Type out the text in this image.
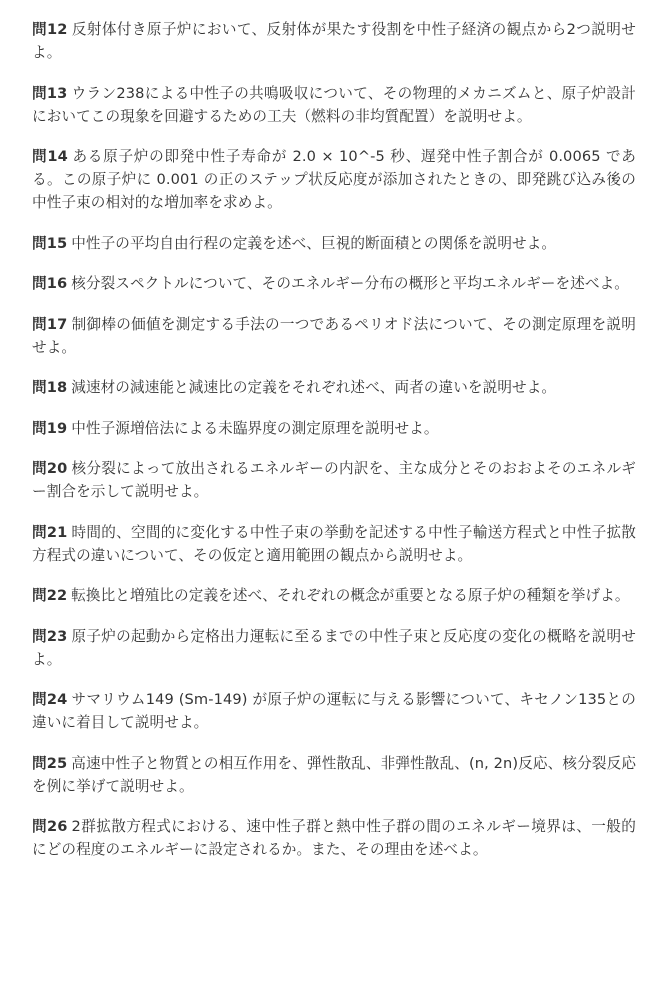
問12 反射体付き原子炉において、反射体が果たす役割を中性子経済の観点から2つ説明せよ。

問13 ウラン238による中性子の共鳴吸収について、その物理的メカニズムと、原子炉設計においてこの現象を回避するための工夫（燃料の非均質配置）を説明せよ。

問14 ある原子炉の即発中性子寿命が 2.0 × 10^-5 秒、遅発中性子割合が 0.0065 である。この原子炉に 0.001 の正のステップ状反応度が添加されたときの、即発跳び込み後の中性子束の相対的な増加率を求めよ。

問15 中性子の平均自由行程の定義を述べ、巨視的断面積との関係を説明せよ。

問16 核分裂スペクトルについて、そのエネルギー分布の概形と平均エネルギーを述べよ。

問17 制御棒の価値を測定する手法の一つであるペリオド法について、その測定原理を説明せよ。

問18 減速材の減速能と減速比の定義をそれぞれ述べ、両者の違いを説明せよ。

問19 中性子源増倍法による未臨界度の測定原理を説明せよ。

問20 核分裂によって放出されるエネルギーの内訳を、主な成分とそのおおよそのエネルギー割合を示して説明せよ。

問21 時間的、空間的に変化する中性子束の挙動を記述する中性子輸送方程式と中性子拡散方程式の違いについて、その仮定と適用範囲の観点から説明せよ。

問22 転換比と増殖比の定義を述べ、それぞれの概念が重要となる原子炉の種類を挙げよ。

問23 原子炉の起動から定格出力運転に至るまでの中性子束と反応度の変化の概略を説明せよ。

問24 サマリウム149 (Sm-149) が原子炉の運転に与える影響について、キセノン135との違いに着目して説明せよ。

問25 高速中性子と物質との相互作用を、弾性散乱、非弾性散乱、(n, 2n)反応、核分裂反応を例に挙げて説明せよ。

問26 2群拡散方程式における、速中性子群と熱中性子群の間のエネルギー境界は、一般的にどの程度のエネルギーに設定されるか。また、その理由を述べよ。
